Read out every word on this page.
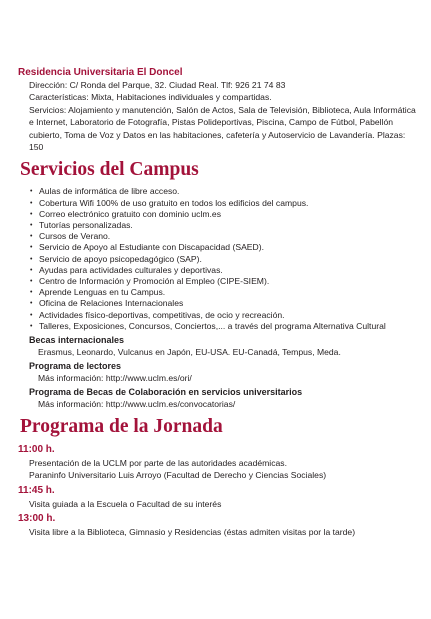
Residencia Universitaria El Doncel

Dirección: C/ Ronda del Parque, 32. Ciudad Real. Tlf: 926 21 74 83

Características: Mixta, Habitaciones individuales y compartidas.

Servicios: Alojamiento y manutención, Salón de Actos, Sala de Televisión, Biblioteca, Aula Informática e Internet, Laboratorio de Fotografía, Pistas Polideportivas, Piscina, Campo de Fútbol, Pabellón cubierto, Toma de Voz y Datos en las habitaciones, cafetería y Autoservicio de Lavandería. Plazas: 150

Servicios del Campus
• Aulas de informática de libre acceso.
• Cobertura Wifi 100% de uso gratuito en todos los edificios del campus.
• Correo electrónico gratuito con dominio uclm.es
• Tutorías personalizadas.
• Cursos de Verano.
• Servicio de Apoyo al Estudiante con Discapacidad (SAED).
• Servicio de apoyo psicopedagógico (SAP).
• Ayudas para actividades culturales y deportivas.
• Centro de Información y Promoción al Empleo (CIPE-SIEM).
• Aprende Lenguas en tu Campus.
• Oficina de Relaciones Internacionales
• Actividades físico-deportivas, competitivas, de ocio y recreación.
• Talleres, Exposiciones, Concursos, Conciertos,... a través del programa Alternativa Cultural

Becas internacionales

Erasmus, Leonardo, Vulcanus en Japón, EU-USA. EU-Canadá, Tempus, Meda.

Programa de lectores

Más información: http://www.uclm.es/ori/

Programa de Becas de Colaboración en servicios universitarios

Más información: http://www.uclm.es/convocatorias/

Programa de la Jornada

11:00 h.

Presentación de la UCLM por parte de las autoridades académicas.

Paraninfo Universitario Luis Arroyo (Facultad de Derecho y Ciencias Sociales)

11:45 h.

Visita guiada a la Escuela o Facultad de su interés

13:00 h.

Visita libre a la Biblioteca, Gimnasio y Residencias (éstas admiten visitas por la tarde)
